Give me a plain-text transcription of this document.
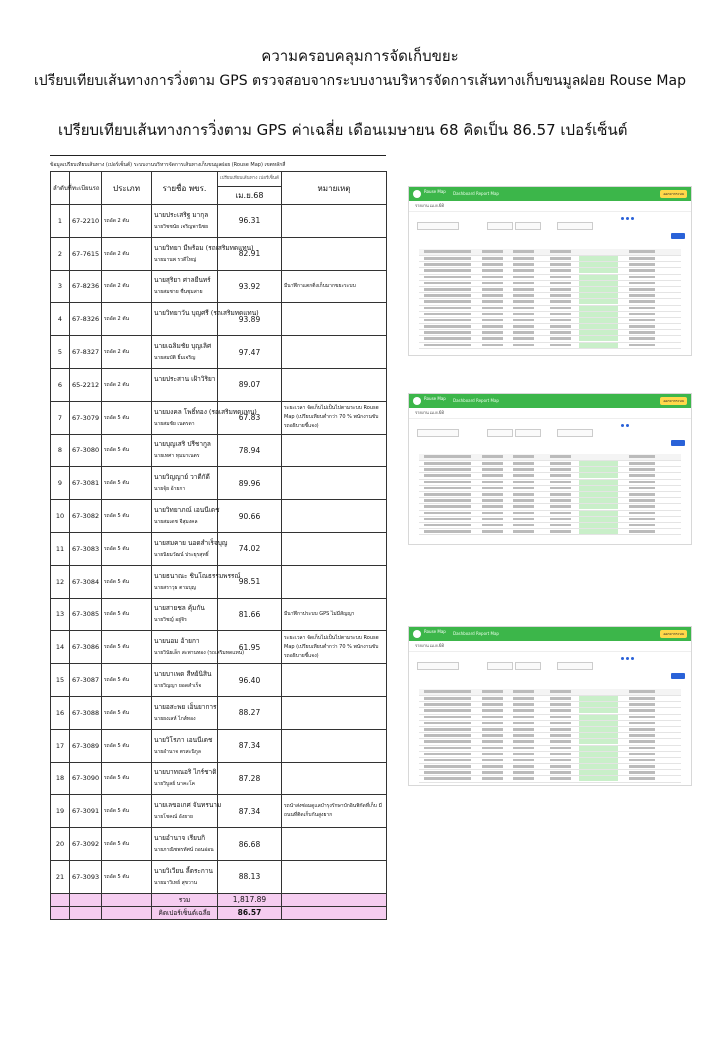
ความครอบคลุมการจัดเก็บขยะ
เปรียบเทียบเส้นทางการวิ่งตาม GPS ตรวจสอบจากระบบงานบริหารจัดการเส้นทางเก็บขนมูลฝอย Rouse Map
เปรียบเทียบเส้นทางการวิ่งตาม GPS ค่าเฉลี่ย เดือนเมษายน 68 คิดเป็น 86.57 เปอร์เซ็นต์
ข้อมูลเปรียบเทียบเส้นทาง (เปอร์เซ็นต์) ระบบงานบริหารจัดการเส้นทางเก็บขนมูลฝอย (Rouse Map) เขตหลักสี่
ลำดับที่	ทะเบียนรถ	ประเภท	รายชื่อ พขร.	เปรียบเทียบเส้นทาง เปอร์เซ็นต์
เม.ย.68	หมายเหตุ
1	67-2210	รถอัด 2 ตัน	นายประเสริฐ มากุล
นายวิชชนัย เจริญพานิชย	96.31	
2	67-7615	รถอัด 2 ตัน	นายวิทยา มีพร้อม (รถเสริมทดแทน)
นายมานพ รวดีใหญ่	82.91	
3	67-8236	รถอัด 2 ตัน	นายสุริยา ศาลยืนทร์
นายสมชาย ชื่นชุมสาย	93.92	มีนาฬิกาแตกติ่งเก็บมากขยะระบบ
4	67-8326	รถอัด 2 ตัน	นายวิทยาวัน บุญศรี (รถเสริมทดแทน)	93.89	
5	67-8327	รถอัด 2 ตัน	นายเฉลิมชัย บุญเลิศ
นายสมบัติ ยิ้มเจริญ	97.47	
6	65-2212	รถอัด 2 ตัน	นายประสาน เฝ้าวิริยา	89.07	
7	67-3079	รถอัด 5 ตัน	นายมงคล โพธิ์ทอง (รถเสริมทดแทน)
นายสมชัย เนตรดา	67.83	ระยะเวลา จัดเก็บไม่เป็นไปตามระบบ Rouse Map (เปรียบเทียบต่ำกว่า 70 % พนักงานขับรถอธิบายชี้แจง)
8	67-3080	รถอัด 5 ตัน	นายบุญเสริ ปรีชากูล
นายเทศา ทุมมาเนตร	78.94	
9	67-3081	รถอัด 5 ตัน	นายวิญญาย์ วาดีกัดี
นายจุ้ย อ้ายกา	89.96	
10	67-3082	รถอัด 5 ตัน	นายวิทยาภณ์ เอนนีเดช
นายสมเดช จีสุมงคล	90.66	
11	67-3083	รถอัด 5 ตัน	นายสมคาย นอดสำเร็จบุญ
นายนิยมวัฒน์ ประยุรสุทธิ์	74.02	
12	67-3084	รถอัด 5 ตัน	นายธนาณะ ชินโณธรรมพรรณ์
นายสราวุธ ตามบุญ	98.51	
13	67-3085	รถอัด 5 ตัน	นายสายชล คุ้มกัน
นายวิชญ์ อยู่จิร	81.66	มีนาฬิกาประบบ GPS ไม่มีสัญญา
14	67-3086	รถอัด 5 ตัน	นายนอม อ้ายกา
นายวินัยเล็ก สะพานทอง (รถเสริมทดแทน)	61.95	ระยะเวลา จัดเก็บไม่เป็นไปตามระบบ Rouse Map (เปรียบเทียบต่ำกว่า 70 % พนักงานขับรถอธิบายชี้แจง)
15	67-3087	รถอัด 5 ตัน	นายบาเพด สีหย้นิสิน
นายวิญญา ยอดสำเร็จ	96.40	
16	67-3088	รถอัด 5 ตัน	นายอสะพย เอ็นยาการ
นายยงเลห์ ไกส์ทอง	88.27	
17	67-3089	รถอัด 5 ตัน	นายวิโรภา เอนนีเดช
นายอำนาจ ตรสะนิกูล	87.34	
18	67-3090	รถอัด 5 ตัน	นายบาทณอริ ไกร์ชาติ
นายวิบูลย์ นาคะโค	87.28	
19	67-3091	รถอัด 5 ตัน	นายเลขอเกศ จันทรนาม
นายโชคณ์ อังยาย	87.34	รถนำส่งซ่อมดูแลบำรุงรักษาบักอินพิกัดที่เก็บ มีถนนที่ติดเก็บกันสูงยาก
20	67-3092	รถอัด 5 ตัน	นายอำนาจ เรียบกิ
นายภาณิชพรทัศน์ ถอนอ่อน	86.68	
21	67-3093	รถอัด 5 ตัน	นายวิเวียน ลี้ตระกาน
นายมาวิเทย์ สุขวาน	88.13	
			รวม	1,817.89	
			คิดเปอร์เซ็นต์เฉลี่ย	86.57	
Rouse Map Dashboard Report Map	ออกจากระบบ
รายงาน เม.ย.68

Rouse Map Dashboard Report Map	ออกจากระบบ
รายงาน เม.ย.68

Rouse Map Dashboard Report Map	ออกจากระบบ
รายงาน เม.ย.68
